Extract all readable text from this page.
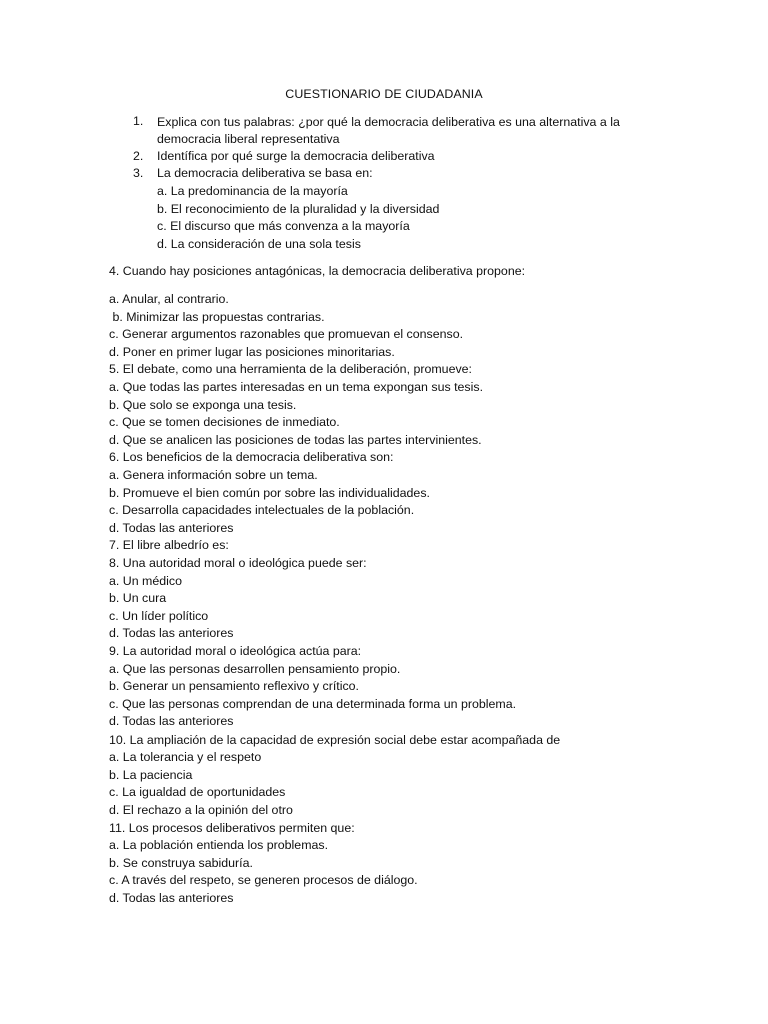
CUESTIONARIO DE CIUDADANIA
1. Explica con tus palabras: ¿por qué la democracia deliberativa es una alternativa a la democracia liberal representativa
2. Identífica por qué surge la democracia deliberativa
3. La democracia deliberativa se basa en:
a. La predominancia de la mayoría
b. El reconocimiento de la pluralidad y la diversidad
c. El discurso que más convenza a la mayoría
d. La consideración de una sola tesis
4. Cuando hay posiciones antagónicas, la democracia deliberativa propone:
a. Anular, al contrario.
b. Minimizar las propuestas contrarias.
c. Generar argumentos razonables que promuevan el consenso.
d. Poner en primer lugar las posiciones minoritarias.
5. El debate, como una herramienta de la deliberación, promueve:
a. Que todas las partes interesadas en un tema expongan sus tesis.
b. Que solo se exponga una tesis.
c. Que se tomen decisiones de inmediato.
d. Que se analicen las posiciones de todas las partes intervinientes.
6. Los beneficios de la democracia deliberativa son:
a. Genera información sobre un tema.
b. Promueve el bien común por sobre las individualidades.
c. Desarrolla capacidades intelectuales de la población.
d. Todas las anteriores
7. El libre albedrío es:
8. Una autoridad moral o ideológica puede ser:
a. Un médico
b. Un cura
c. Un líder político
d. Todas las anteriores
9. La autoridad moral o ideológica actúa para:
a. Que las personas desarrollen pensamiento propio.
b. Generar un pensamiento reflexivo y crítico.
c. Que las personas comprendan de una determinada forma un problema.
d. Todas las anteriores
10. La ampliación de la capacidad de expresión social debe estar acompañada de
a. La tolerancia y el respeto
b. La paciencia
c. La igualdad de oportunidades
d. El rechazo a la opinión del otro
11. Los procesos deliberativos permiten que:
a. La población entienda los problemas.
b. Se construya sabiduría.
c. A través del respeto, se generen procesos de diálogo.
d. Todas las anteriores
